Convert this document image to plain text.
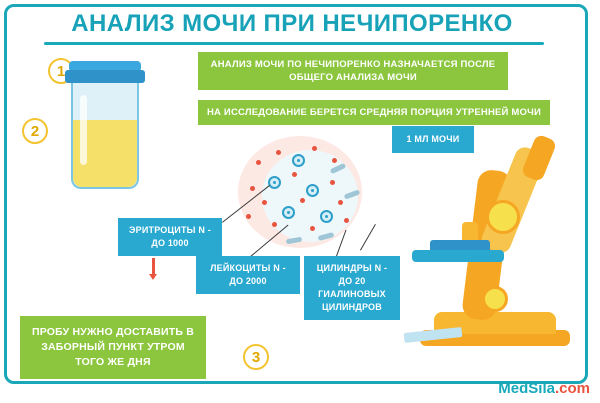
АНАЛИЗ МОЧИ ПРИ НЕЧИПОРЕНКО
1
2
3
АНАЛИЗ МОЧИ ПО НЕЧИПОРЕНКО НАЗНАЧАЕТСЯ ПОСЛЕ ОБЩЕГО АНАЛИЗА МОЧИ
НА ИССЛЕДОВАНИЕ БЕРЕТСЯ СРЕДНЯЯ ПОРЦИЯ УТРЕННЕЙ МОЧИ
ПРОБУ НУЖНО ДОСТАВИТЬ В ЗАБОРНЫЙ ПУНКТ УТРОМ ТОГО ЖЕ ДНЯ
ЭРИТРОЦИТЫ N - ДО 1000
ЛЕЙКОЦИТЫ N - ДО 2000
ЦИЛИНДРЫ N - ДО 20 ГИАЛИНОВЫХ ЦИЛИНДРОВ
1 МЛ МОЧИ
MedSila.com
